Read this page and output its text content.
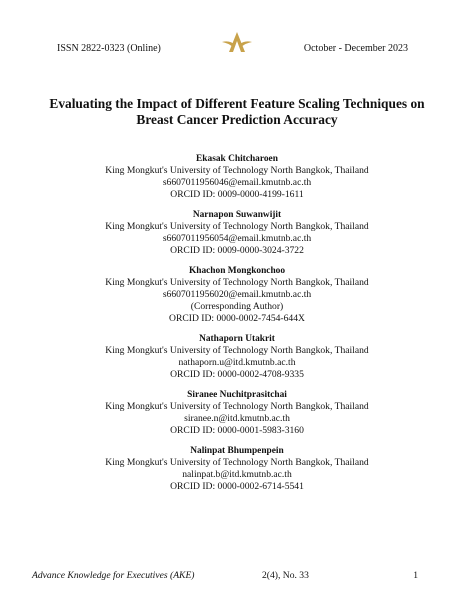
ISSN 2822-0323 (Online)	October - December 2023
Evaluating the Impact of Different Feature Scaling Techniques on
Breast Cancer Prediction Accuracy
Ekasak Chitcharoen
King Mongkut's University of Technology North Bangkok, Thailand
s6607011956046@email.kmutnb.ac.th
ORCID ID: 0009-0000-4199-1611
Narnapon Suwanwijit
King Mongkut's University of Technology North Bangkok, Thailand
s6607011956054@email.kmutnb.ac.th
ORCID ID: 0009-0000-3024-3722
Khachon Mongkonchoo
King Mongkut's University of Technology North Bangkok, Thailand
s6607011956020@email.kmutnb.ac.th
(Corresponding Author)
ORCID ID: 0000-0002-7454-644X
Nathaporn Utakrit
King Mongkut's University of Technology North Bangkok, Thailand
nathaporn.u@itd.kmutnb.ac.th
ORCID ID: 0000-0002-4708-9335
Siranee Nuchitprasitchai
King Mongkut's University of Technology North Bangkok, Thailand
siranee.n@itd.kmutnb.ac.th
ORCID ID: 0000-0001-5983-3160
Nalinpat Bhumpenpein
King Mongkut's University of Technology North Bangkok, Thailand
nalinpat.b@itd.kmutnb.ac.th
ORCID ID: 0000-0002-6714-5541
Advance Knowledge for Executives (AKE)	2(4), No. 33	1
